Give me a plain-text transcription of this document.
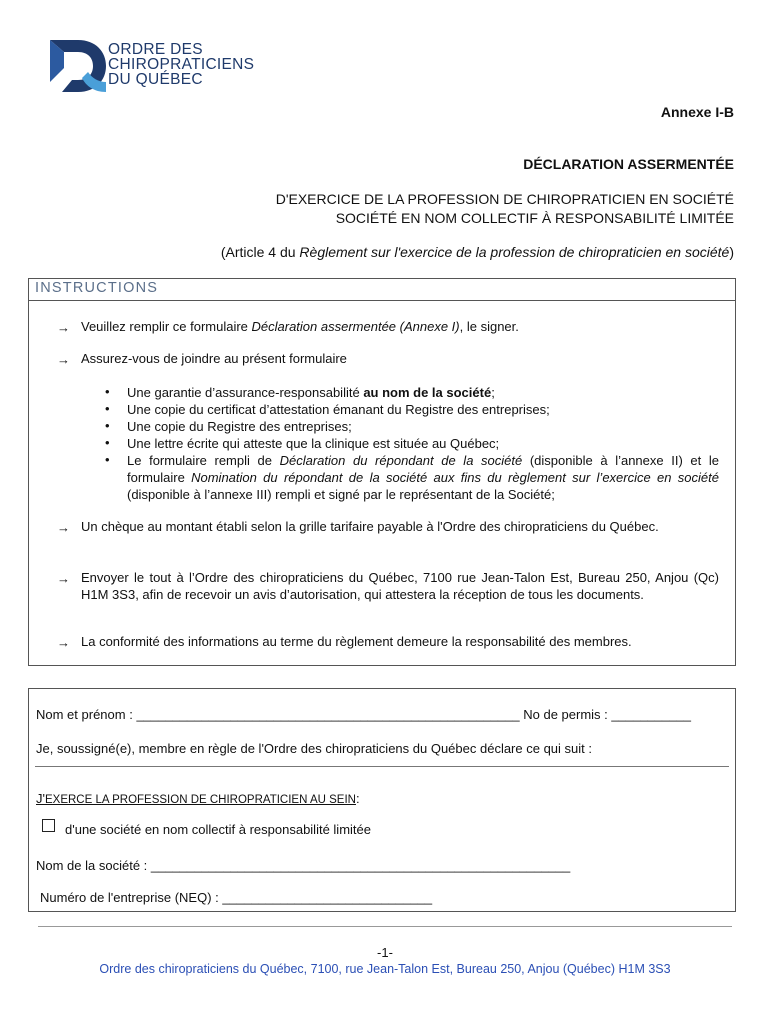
ORDRE DES
CHIROPRATICIENS
DU QUÉBEC
Annexe I-B
DÉCLARATION ASSERMENTÉE
D'EXERCICE DE LA PROFESSION DE CHIROPRATICIEN EN SOCIÉTÉ
SOCIÉTÉ EN NOM COLLECTIF À RESPONSABILITÉ LIMITÉE
(Article 4 du Règlement sur l'exercice de la profession de chiropraticien en société)
INSTRUCTIONS
→ Veuillez remplir ce formulaire Déclaration assermentée (Annexe I), le signer.
→ Assurez-vous de joindre au présent formulaire
• Une garantie d’assurance-responsabilité au nom de la société;
• Une copie du certificat d’attestation émanant du Registre des entreprises;
• Une copie du Registre des entreprises;
• Une lettre écrite qui atteste que la clinique est située au Québec;
• Le formulaire rempli de Déclaration du répondant de la société (disponible à l’annexe II) et le formulaire Nomination du répondant de la société aux fins du règlement sur l’exercice en société (disponible à l’annexe III) rempli et signé par le représentant de la Société;
→ Un chèque au montant établi selon la grille tarifaire payable à l'Ordre des chiropraticiens du Québec.
→ Envoyer le tout à l’Ordre des chiropraticiens du Québec, 7100 rue Jean-Talon Est, Bureau 250, Anjou (Qc) H1M 3S3, afin de recevoir un avis d’autorisation, qui attestera la réception de tous les documents.
→ La conformité des informations au terme du règlement demeure la responsabilité des membres.
Nom et prénom : _____________________________________________________ No de permis : ___________
Je, soussigné(e), membre en règle de l'Ordre des chiropraticiens du Québec déclare ce qui suit :
J'EXERCE LA PROFESSION DE CHIROPRATICIEN AU SEIN:
d'une société en nom collectif à responsabilité limitée
Nom de la société : __________________________________________________________
Numéro de l'entreprise (NEQ) : _____________________________
-1-
Ordre des chiropraticiens du Québec, 7100, rue Jean-Talon Est, Bureau 250, Anjou (Québec) H1M 3S3
